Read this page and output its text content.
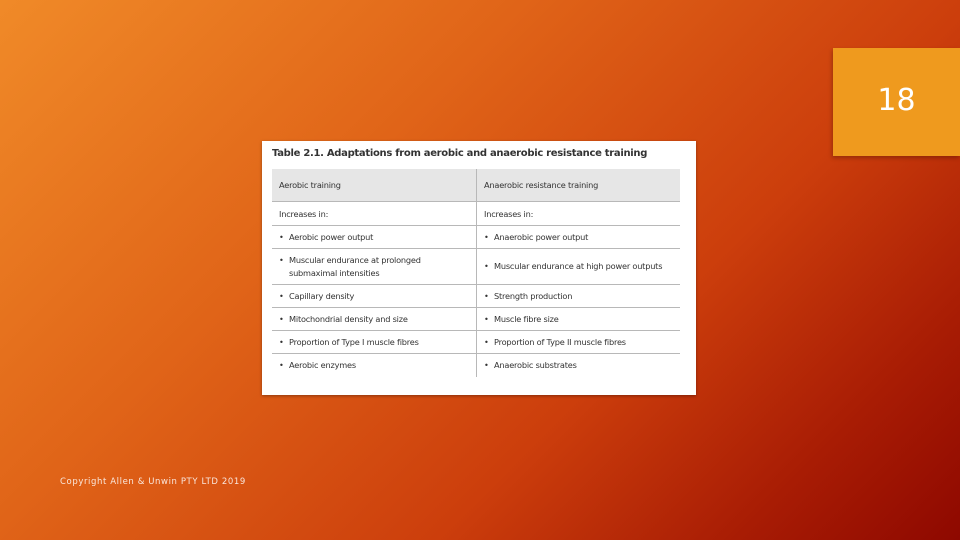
18
Table 2.1. Adaptations from aerobic and anaerobic resistance training
Aerobic training	Anaerobic resistance training
Increases in:	Increases in:

• Aerobic power output	• Anaerobic power output

• Muscular endurance at prolonged submaximal intensities	• Muscular endurance at high power outputs

• Capillary density	• Strength production

• Mitochondrial density and size	• Muscle fibre size

• Proportion of Type I muscle fibres	• Proportion of Type II muscle fibres

• Aerobic enzymes	• Anaerobic substrates
Copyright Allen & Unwin PTY LTD 2019
